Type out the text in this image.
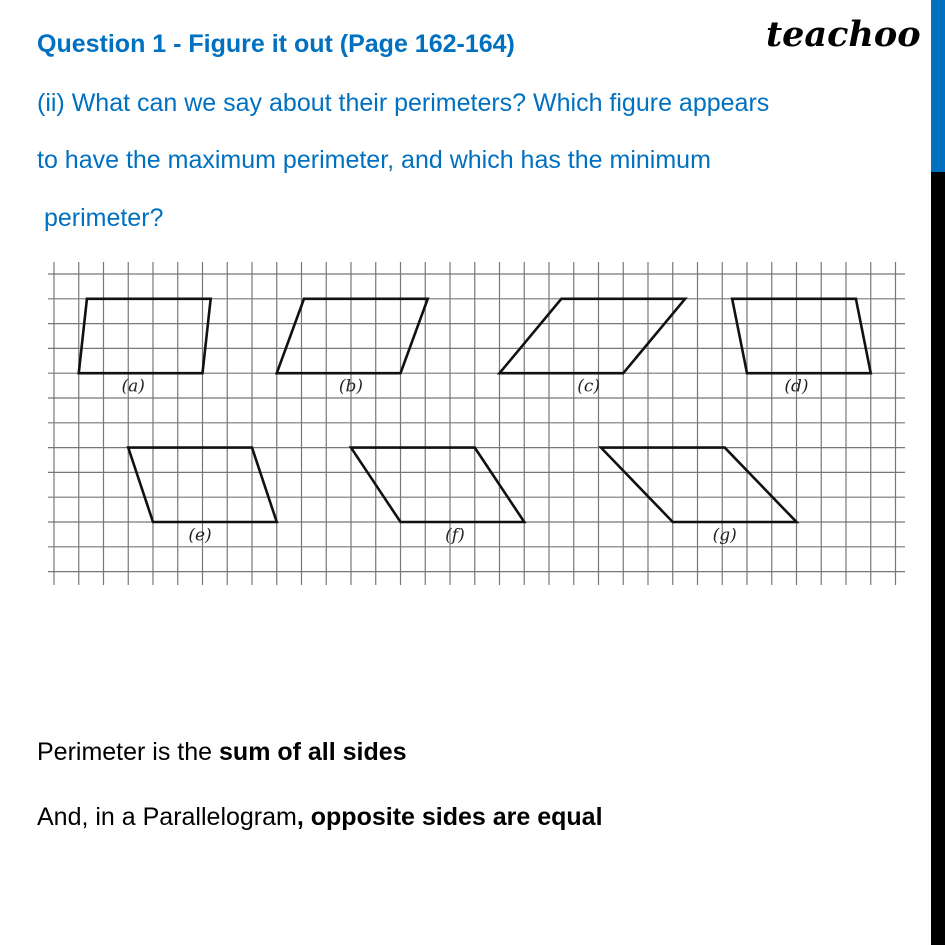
Question 1 - Figure it out (Page 162-164)	teachoo
(ii) What can we say about their perimeters? Which figure appears
to have the maximum perimeter, and which has the minimum
perimeter?
(a)	(b)	(c)	(d)
(e)	(f)	(g)
Perimeter is the sum of all sides
And, in a Parallelogram, opposite sides are equal
